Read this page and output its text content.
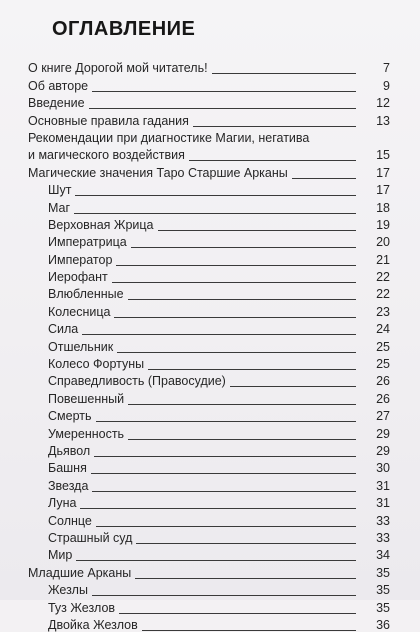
ОГЛАВЛЕНИЕ
О книге Дорогой мой читатель!	7
Об авторе	9
Введение	12
Основные правила гадания	13
Рекомендации при диагностике Магии, негатива
и магического воздействия	15
Магические значения Таро Старшие Арканы	17
Шут	17
Маг	18
Верховная Жрица	19
Императрица	20
Император	21
Иерофант	22
Влюбленные	22
Колесница	23
Сила	24
Отшельник	25
Колесо Фортуны	25
Справедливость (Правосудие)	26
Повешенный	26
Смерть	27
Умеренность	29
Дьявол	29
Башня	30
Звезда	31
Луна	31
Солнце	33
Страшный суд	33
Мир	34
Младшие Арканы	35
Жезлы	35
Туз Жезлов	35
Двойка Жезлов	36
